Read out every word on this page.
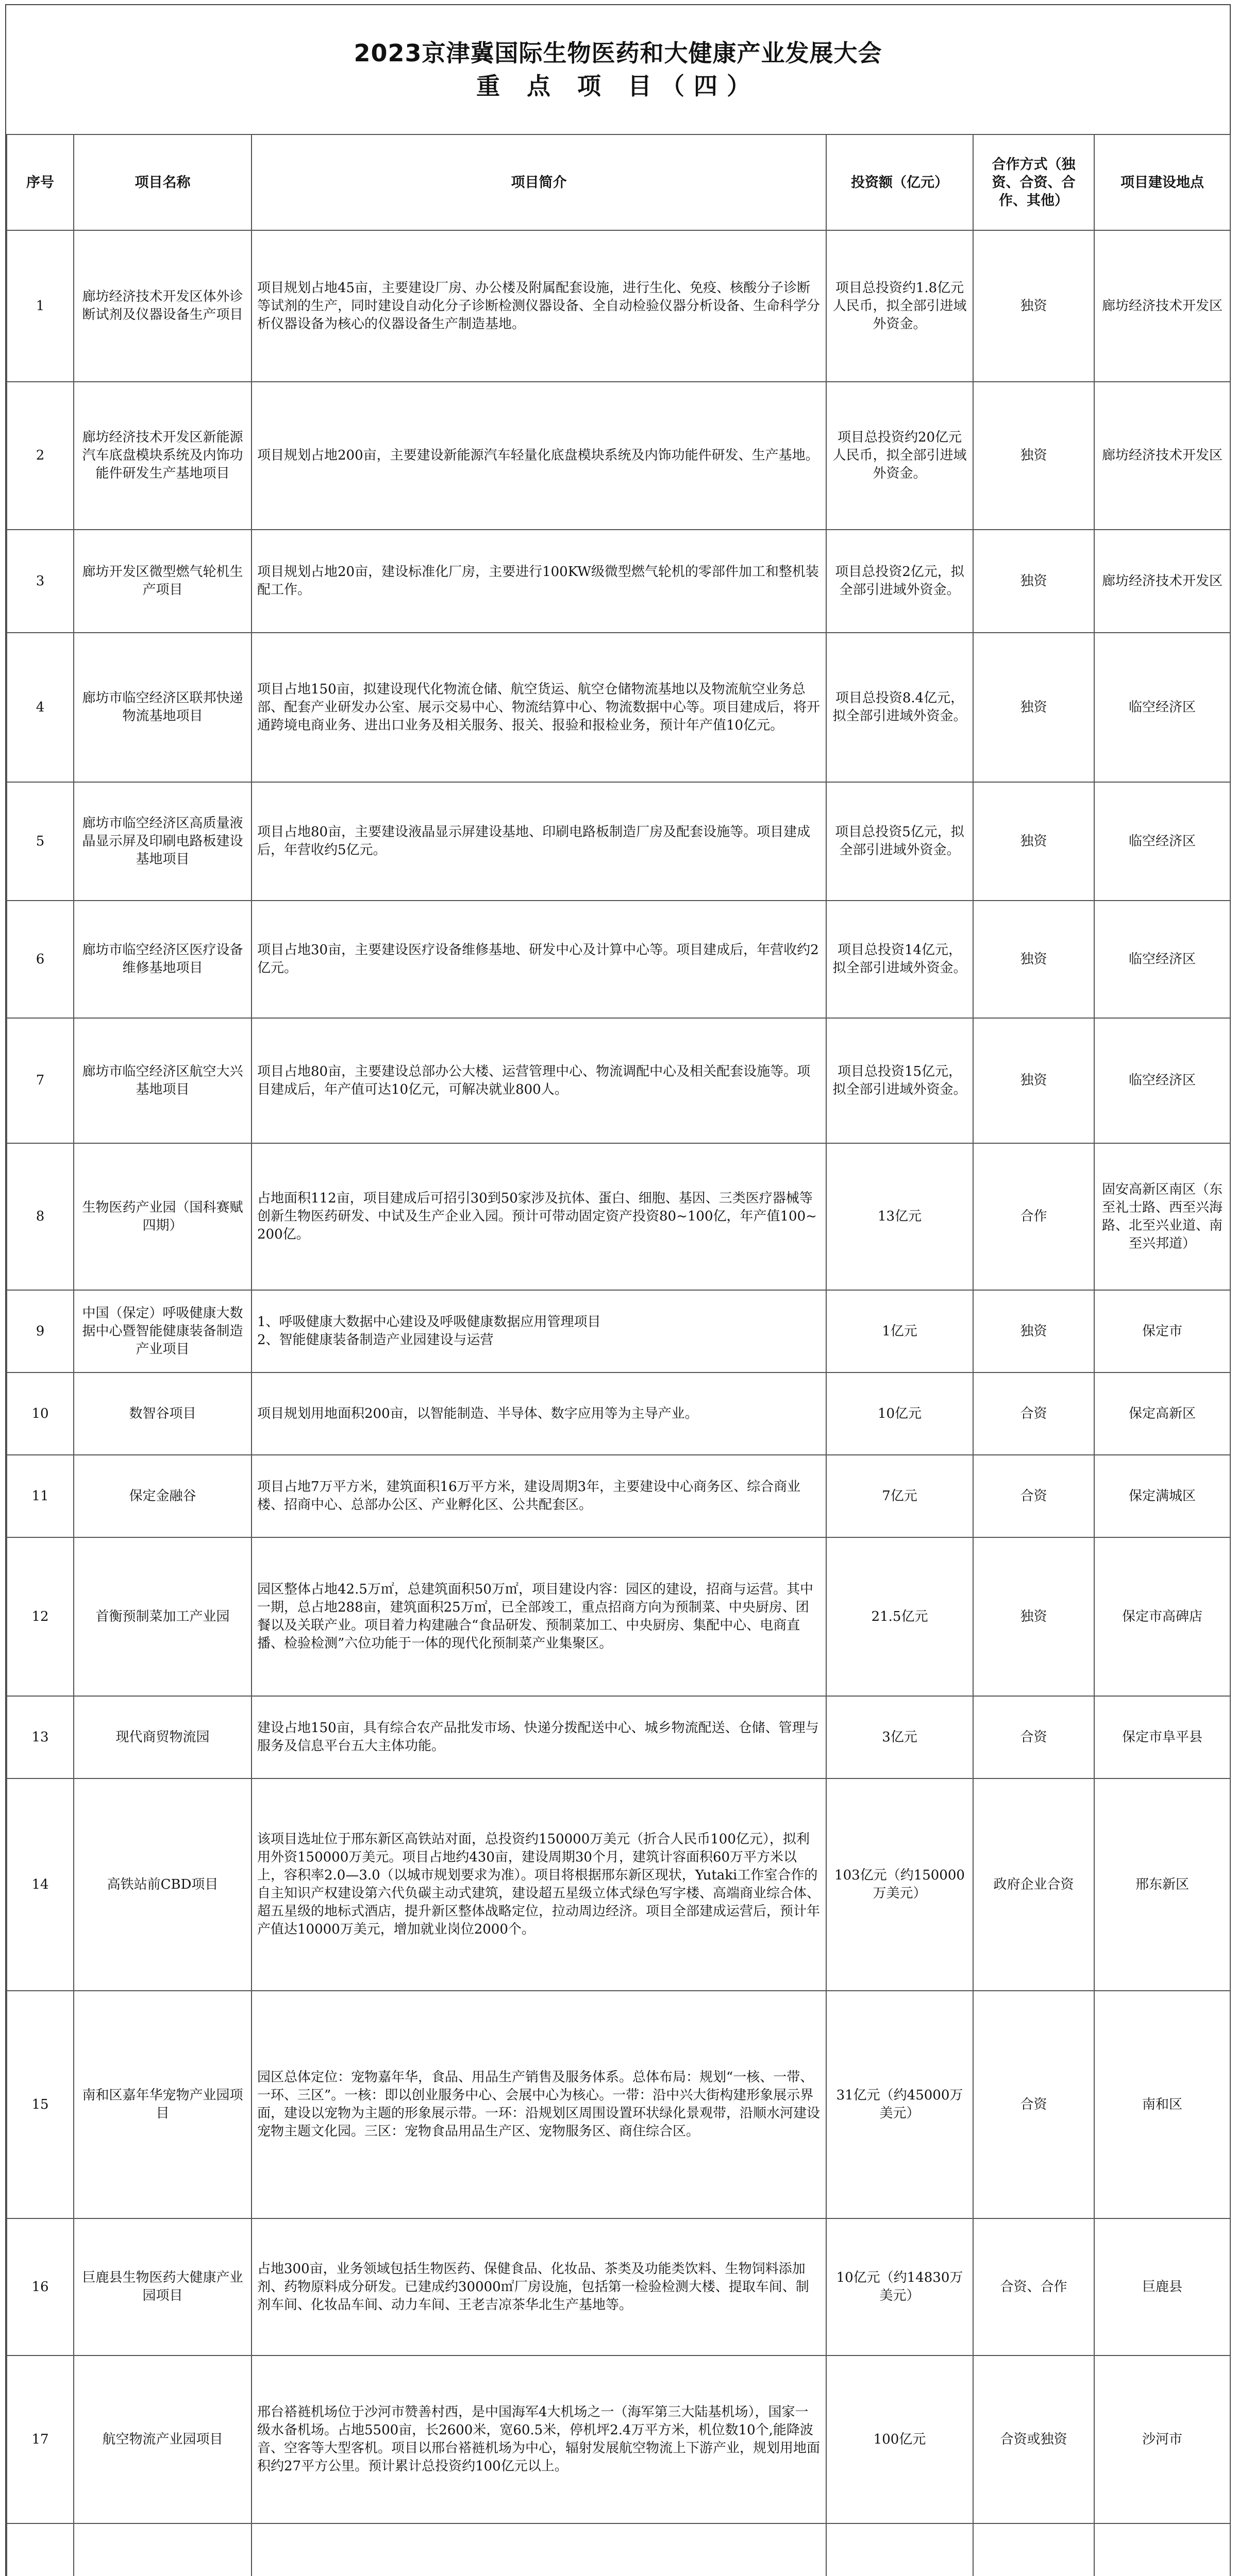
2023京津冀国际生物医药和大健康产业发展大会
重 点 项 目（四）
序号	项目名称	项目简介	投资额（亿元）	合作方式（独资、合资、合作、其他）	项目建设地点
1	廊坊经济技术开发区体外诊断试剂及仪器设备生产项目	项目规划占地45亩，主要建设厂房、办公楼及附属配套设施，进行生化、免疫、核酸分子诊断等试剂的生产，同时建设自动化分子诊断检测仪器设备、全自动检验仪器分析设备、生命科学分析仪器设备为核心的仪器设备生产制造基地。	项目总投资约1.8亿元人民币，拟全部引进域外资金。	独资	廊坊经济技术开发区
2	廊坊经济技术开发区新能源汽车底盘模块系统及内饰功能件研发生产基地项目	项目规划占地200亩，主要建设新能源汽车轻量化底盘模块系统及内饰功能件研发、生产基地。	项目总投资约20亿元人民币，拟全部引进域外资金。	独资	廊坊经济技术开发区
3	廊坊开发区微型燃气轮机生产项目	项目规划占地20亩，建设标准化厂房，主要进行100KW级微型燃气轮机的零部件加工和整机装配工作。	项目总投资2亿元，拟全部引进域外资金。	独资	廊坊经济技术开发区
4	廊坊市临空经济区联邦快递物流基地项目	项目占地150亩，拟建设现代化物流仓储、航空货运、航空仓储物流基地以及物流航空业务总部、配套产业研发办公室、展示交易中心、物流结算中心、物流数据中心等。项目建成后，将开通跨境电商业务、进出口业务及相关服务、报关、报验和报检业务，预计年产值10亿元。	项目总投资8.4亿元，拟全部引进域外资金。	独资	临空经济区
5	廊坊市临空经济区高质量液晶显示屏及印刷电路板建设基地项目	项目占地80亩，主要建设液晶显示屏建设基地、印刷电路板制造厂房及配套设施等。项目建成后，年营收约5亿元。	项目总投资5亿元，拟全部引进域外资金。	独资	临空经济区
6	廊坊市临空经济区医疗设备维修基地项目	项目占地30亩，主要建设医疗设备维修基地、研发中心及计算中心等。项目建成后，年营收约2亿元。	项目总投资14亿元，拟全部引进域外资金。	独资	临空经济区
7	廊坊市临空经济区航空大兴基地项目	项目占地80亩，主要建设总部办公大楼、运营管理中心、物流调配中心及相关配套设施等。项目建成后，年产值可达10亿元，可解决就业800人。	项目总投资15亿元，拟全部引进域外资金。	独资	临空经济区
8	生物医药产业园（国科赛赋四期）	占地面积112亩，项目建成后可招引30到50家涉及抗体、蛋白、细胞、基因、三类医疗器械等创新生物医药研发、中试及生产企业入园。预计可带动固定资产投资80~100亿，年产值100~200亿。	13亿元	合作	固安高新区南区（东至礼士路、西至兴海路、北至兴业道、南至兴邦道）
9	中国（保定）呼吸健康大数据中心暨智能健康装备制造产业项目	1、呼吸健康大数据中心建设及呼吸健康数据应用管理项目
2、智能健康装备制造产业园建设与运营	1亿元	独资	保定市
10	数智谷项目	项目规划用地面积200亩，以智能制造、半导体、数字应用等为主导产业。	10亿元	合资	保定高新区
11	保定金融谷	项目占地7万平方米，建筑面积16万平方米，建设周期3年，主要建设中心商务区、综合商业楼、招商中心、总部办公区、产业孵化区、公共配套区。	7亿元	合资	保定满城区
12	首衡预制菜加工产业园	园区整体占地42.5万㎡，总建筑面积50万㎡，项目建设内容：园区的建设，招商与运营。其中一期，总占地288亩，建筑面积25万㎡，已全部竣工，重点招商方向为预制菜、中央厨房、团餐以及关联产业。项目着力构建融合“食品研发、预制菜加工、中央厨房、集配中心、电商直播、检验检测”六位功能于一体的现代化预制菜产业集聚区。	21.5亿元	独资	保定市高碑店
13	现代商贸物流园	建设占地150亩，具有综合农产品批发市场、快递分拨配送中心、城乡物流配送、仓储、管理与服务及信息平台五大主体功能。	3亿元	合资	保定市阜平县
14	高铁站前CBD项目	该项目选址位于邢东新区高铁站对面，总投资约150000万美元（折合人民币100亿元），拟利用外资150000万美元。项目占地约430亩，建设周期30个月，建筑计容面积60万平方米以上，容积率2.0—3.0（以城市规划要求为准）。项目将根据邢东新区现状，Yutaki工作室合作的自主知识产权建设第六代负碳主动式建筑，建设超五星级立体式绿色写字楼、高端商业综合体、超五星级的地标式酒店，提升新区整体战略定位，拉动周边经济。项目全部建成运营后，预计年产值达10000万美元，增加就业岗位2000个。	103亿元（约150000万美元）	政府企业合资	邢东新区
15	南和区嘉年华宠物产业园项目	园区总体定位：宠物嘉年华，食品、用品生产销售及服务体系。总体布局：规划“一核、一带、一环、三区”。一核：即以创业服务中心、会展中心为核心。一带：沿中兴大街构建形象展示界面，建设以宠物为主题的形象展示带。一环：沿规划区周围设置环状绿化景观带，沿顺水河建设宠物主题文化园。三区：宠物食品用品生产区、宠物服务区、商住综合区。	31亿元（约45000万美元）	合资	南和区
16	巨鹿县生物医药大健康产业园项目	占地300亩，业务领域包括生物医药、保健食品、化妆品、茶类及功能类饮料、生物饲料添加剂、药物原料成分研发。已建成约30000㎡厂房设施，包括第一检验检测大楼、提取车间、制剂车间、化妆品车间、动力车间、王老吉凉茶华北生产基地等。	10亿元（约14830万美元）	合资、合作	巨鹿县
17	航空物流产业园项目	邢台褡裢机场位于沙河市赞善村西，是中国海军4大机场之一（海军第三大陆基机场），国家一级水备机场。占地5500亩，长2600米，宽60.5米，停机坪2.4万平方米，机位数10个,能降波音、空客等大型客机。项目以邢台褡裢机场为中心，辐射发展航空物流上下游产业，规划用地面积约27平方公里。预计累计总投资约100亿元以上。	100亿元	合资或独资	沙河市
